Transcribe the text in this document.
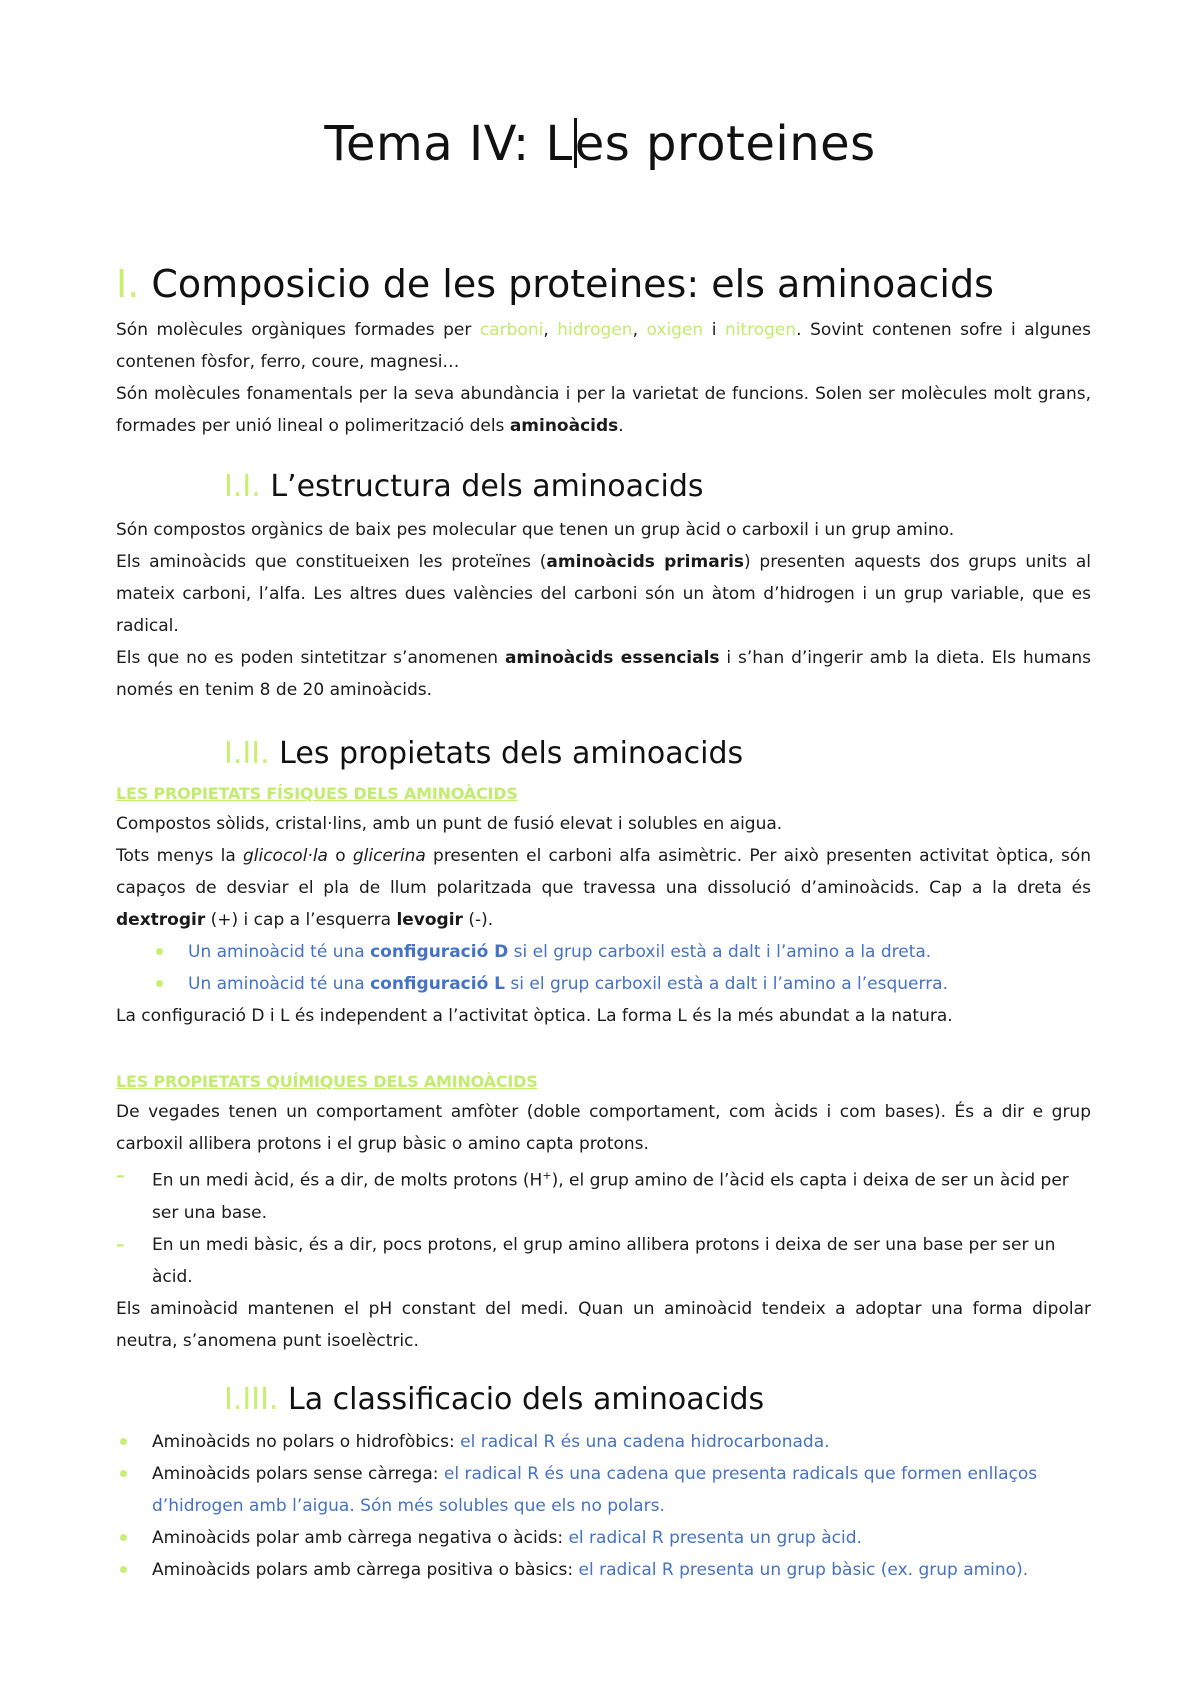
Tema IV: Les proteines
I. Composicio de les proteines: els aminoacids

Són molècules orgàniques formades per carboni, hidrogen, oxigen i nitrogen. Sovint contenen sofre i algunes contenen fòsfor, ferro, coure, magnesi…

Són molècules fonamentals per la seva abundància i per la varietat de funcions. Solen ser molècules molt grans, formades per unió lineal o polimerització dels aminoàcids.

I.I. L’estructura dels aminoacids

Són compostos orgànics de baix pes molecular que tenen un grup àcid o carboxil i un grup amino.

Els aminoàcids que constitueixen les proteïnes (aminoàcids primaris) presenten aquests dos grups units al mateix carboni, l’alfa. Les altres dues valències del carboni són un àtom d’hidrogen i un grup variable, que es radical.

Els que no es poden sintetitzar s’anomenen aminoàcids essencials i s’han d’ingerir amb la dieta. Els humans només en tenim 8 de 20 aminoàcids.

I.II. Les propietats dels aminoacids
LES PROPIETATS FÍSIQUES DELS AMINOÀCIDS

Compostos sòlids, cristal·lins, amb un punt de fusió elevat i solubles en aigua.

Tots menys la glicocol·la o glicerina presenten el carboni alfa asimètric. Per això presenten activitat òptica, són capaços de desviar el pla de llum polaritzada que travessa una dissolució d’aminoàcids. Cap a la dreta és dextrogir (+) i cap a l’esquerra levogir (-).

Un aminoàcid té una configuració D si el grup carboxil està a dalt i l’amino a la dreta.
Un aminoàcid té una configuració L si el grup carboxil està a dalt i l’amino a l’esquerra.

La configuració D i L és independent a l’activitat òptica. La forma L és la més abundat a la natura.

LES PROPIETATS QUÍMIQUES DELS AMINOÀCIDS

De vegades tenen un comportament amfòter (doble comportament, com àcids i com bases). És a dir e grup carboxil allibera protons i el grup bàsic o amino capta protons.

– En un medi àcid, és a dir, de molts protons (H+), el grup amino de l’àcid els capta i deixa de ser un àcid per ser una base.
– En un medi bàsic, és a dir, pocs protons, el grup amino allibera protons i deixa de ser una base per ser un àcid.

Els aminoàcid mantenen el pH constant del medi. Quan un aminoàcid tendeix a adoptar una forma dipolar neutra, s’anomena punt isoelèctric.

I.III. La classificacio dels aminoacids
Aminoàcids no polars o hidrofòbics: el radical R és una cadena hidrocarbonada.
Aminoàcids polars sense càrrega: el radical R és una cadena que presenta radicals que formen enllaços d’hidrogen amb l’aigua. Són més solubles que els no polars.
Aminoàcids polar amb càrrega negativa o àcids: el radical R presenta un grup àcid.
Aminoàcids polars amb càrrega positiva o bàsics: el radical R presenta un grup bàsic (ex. grup amino).
